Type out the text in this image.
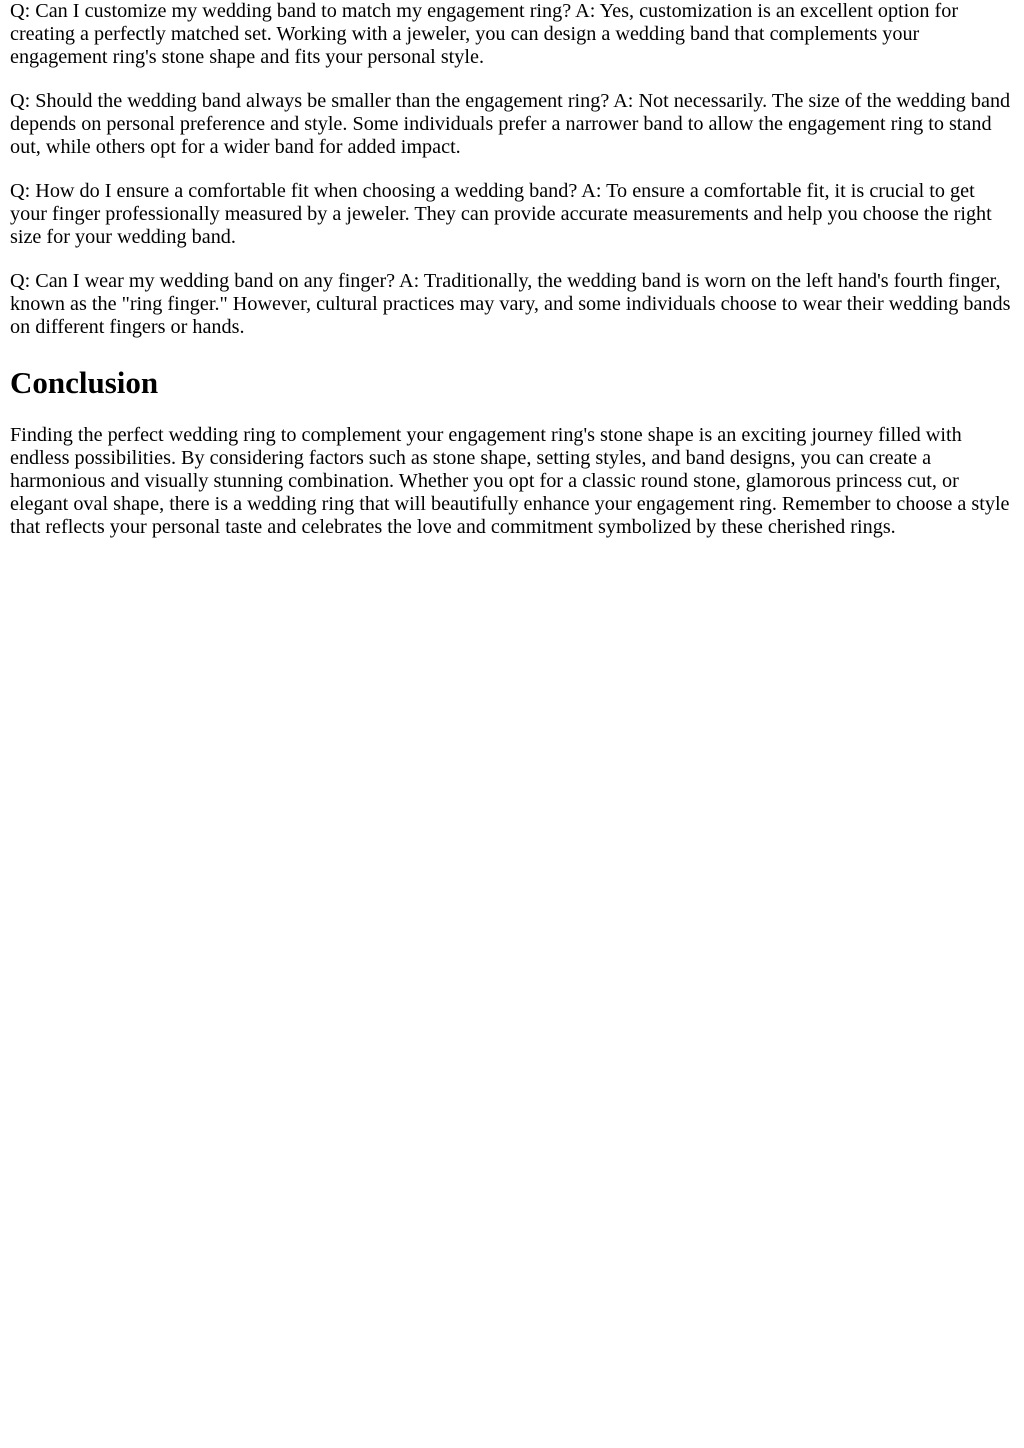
Q: Can I customize my wedding band to match my engagement ring? A: Yes, customization is an excellent option for creating a perfectly matched set. Working with a jeweler, you can design a wedding band that complements your engagement ring's stone shape and fits your personal style.

Q: Should the wedding band always be smaller than the engagement ring? A: Not necessarily. The size of the wedding band depends on personal preference and style. Some individuals prefer a narrower band to allow the engagement ring to stand out, while others opt for a wider band for added impact.

Q: How do I ensure a comfortable fit when choosing a wedding band? A: To ensure a comfortable fit, it is crucial to get your finger professionally measured by a jeweler. They can provide accurate measurements and help you choose the right size for your wedding band.

Q: Can I wear my wedding band on any finger? A: Traditionally, the wedding band is worn on the left hand's fourth finger, known as the "ring finger." However, cultural practices may vary, and some individuals choose to wear their wedding bands on different fingers or hands.

Conclusion

Finding the perfect wedding ring to complement your engagement ring's stone shape is an exciting journey filled with endless possibilities. By considering factors such as stone shape, setting styles, and band designs, you can create a harmonious and visually stunning combination. Whether you opt for a classic round stone, glamorous princess cut, or elegant oval shape, there is a wedding ring that will beautifully enhance your engagement ring. Remember to choose a style that reflects your personal taste and celebrates the love and commitment symbolized by these cherished rings.
